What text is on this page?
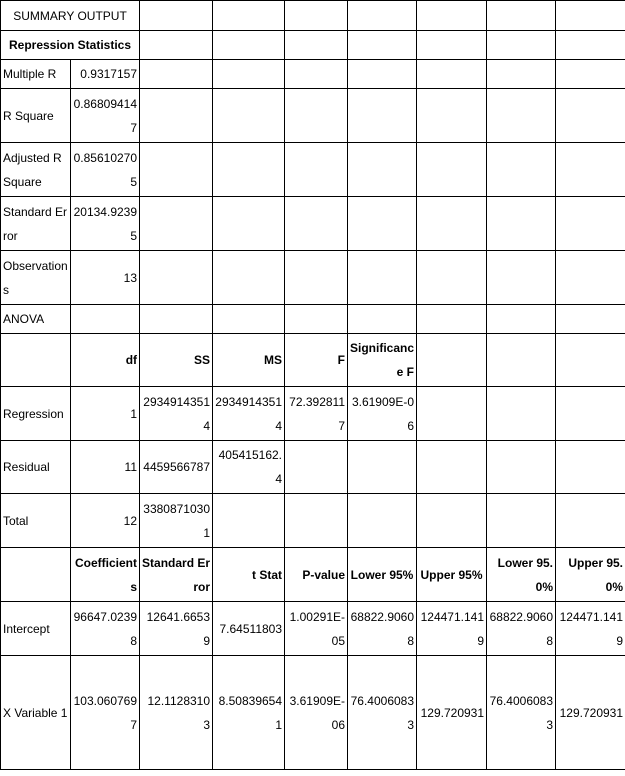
SUMMARY OUTPUT								
Repression Statistics								
Multiple R	0.9317157							
R Square	0.868094147							
Adjusted R Square	0.856102705							
Standard Error	20134.92395							
Observations	13							
ANOVA								
	df	SS	MS	F	Significance F			
Regression	1	29349143514	29349143514	72.3928117	3.61909E-06			
Residual	11	4459566787	405415162.4					
Total	12	33808710301						
	Coefficients	Standard Error	t Stat	P-value	Lower 95%	Upper 95%	Lower 95.0%	Upper 95.0%
Intercept	96647.02398	12641.66539	7.64511803	1.00291E-05	68822.90608	124471.1419	68822.90608	124471.1419
X Variable 1	103.0607697	12.11283103	8.508396541	3.61909E-06	76.40060833	129.720931	76.40060833	129.720931
